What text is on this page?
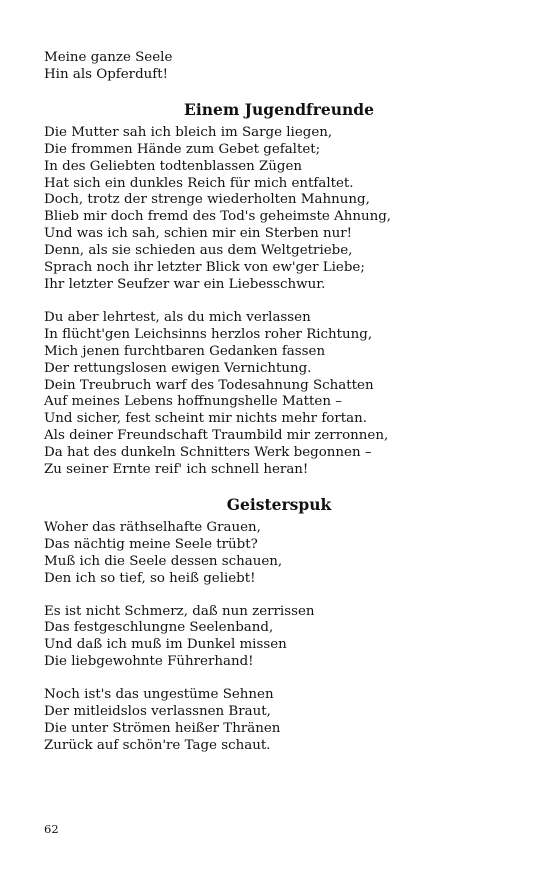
Meine ganze Seele
Hin als Opferduft!
Einem Jugendfreunde
Die Mutter sah ich bleich im Sarge liegen,
Die frommen Hände zum Gebet gefaltet;
In des Geliebten todtenblassen Zügen
Hat sich ein dunkles Reich für mich entfaltet.
Doch, trotz der strenge wiederholten Mahnung,
Blieb mir doch fremd des Tod's geheimste Ahnung,
Und was ich sah, schien mir ein Sterben nur!
Denn, als sie schieden aus dem Weltgetriebe,
Sprach noch ihr letzter Blick von ew'ger Liebe;
Ihr letzter Seufzer war ein Liebesschwur.
Du aber lehrtest, als du mich verlassen
In flücht'gen Leichsinns herzlos roher Richtung,
Mich jenen furchtbaren Gedanken fassen
Der rettungslosen ewigen Vernichtung.
Dein Treubruch warf des Todesahnung Schatten
Auf meines Lebens hoffnungshelle Matten –
Und sicher, fest scheint mir nichts mehr fortan.
Als deiner Freundschaft Traumbild mir zerronnen,
Da hat des dunkeln Schnitters Werk begonnen –
Zu seiner Ernte reif' ich schnell heran!
Geisterspuk
Woher das räthselhafte Grauen,
Das nächtig meine Seele trübt?
Muß ich die Seele dessen schauen,
Den ich so tief, so heiß geliebt!
Es ist nicht Schmerz, daß nun zerrissen
Das festgeschlungne Seelenband,
Und daß ich muß im Dunkel missen
Die liebgewohnte Führerhand!
Noch ist's das ungestüme Sehnen
Der mitleidslos verlassnen Braut,
Die unter Strömen heißer Thränen
Zurück auf schön're Tage schaut.
62
